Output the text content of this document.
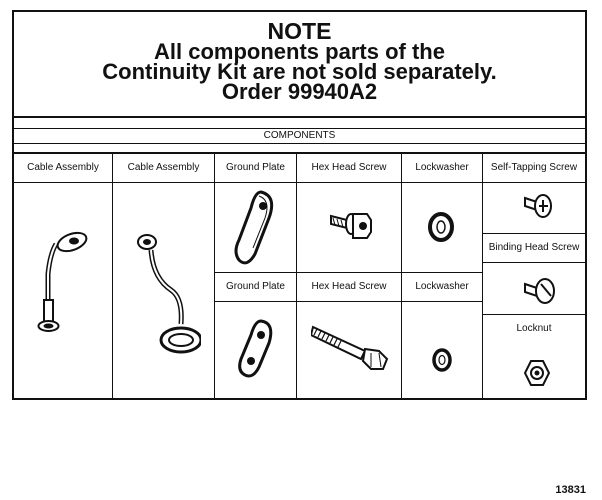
NOTE
All components parts of the
Continuity Kit are not sold separately.
Order 99940A2
COMPONENTS
Cable Assembly	Cable Assembly	Ground Plate
Ground Plate
Hex Head Screw
Hex Head Screw
Lockwasher
Lockwasher
Self-Tapping Screw
Binding Head Screw
Locknut
13831
